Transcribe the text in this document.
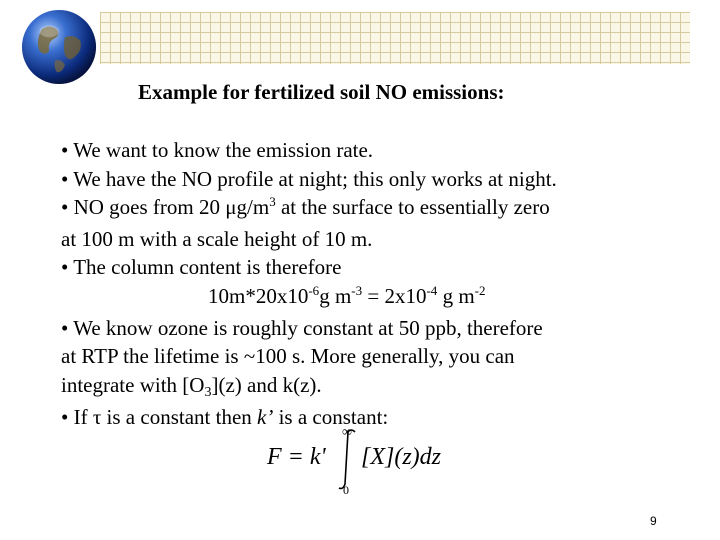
Example for fertilized soil NO emissions:
• We want to know the emission rate.
• We have the NO profile at night; this only works at night.
• NO goes from 20 $\mu g/m^3$ at the surface to essentially zero
at 100 m with a scale height of 10 m.
• The column content is therefore
$10m*20x10^{-6}g$ $m^{-3} = 2x10^{-4}$ g $m^{-2}$
• We know ozone is roughly constant at 50 ppb, therefore
at RTP the lifetime is ~100 s. More generally, you can
integrate with $[O_3](z)$ and k(z).
• If τ is a constant then k’ is a constant:
F = k'
∞
0
[X](z)dz
9
